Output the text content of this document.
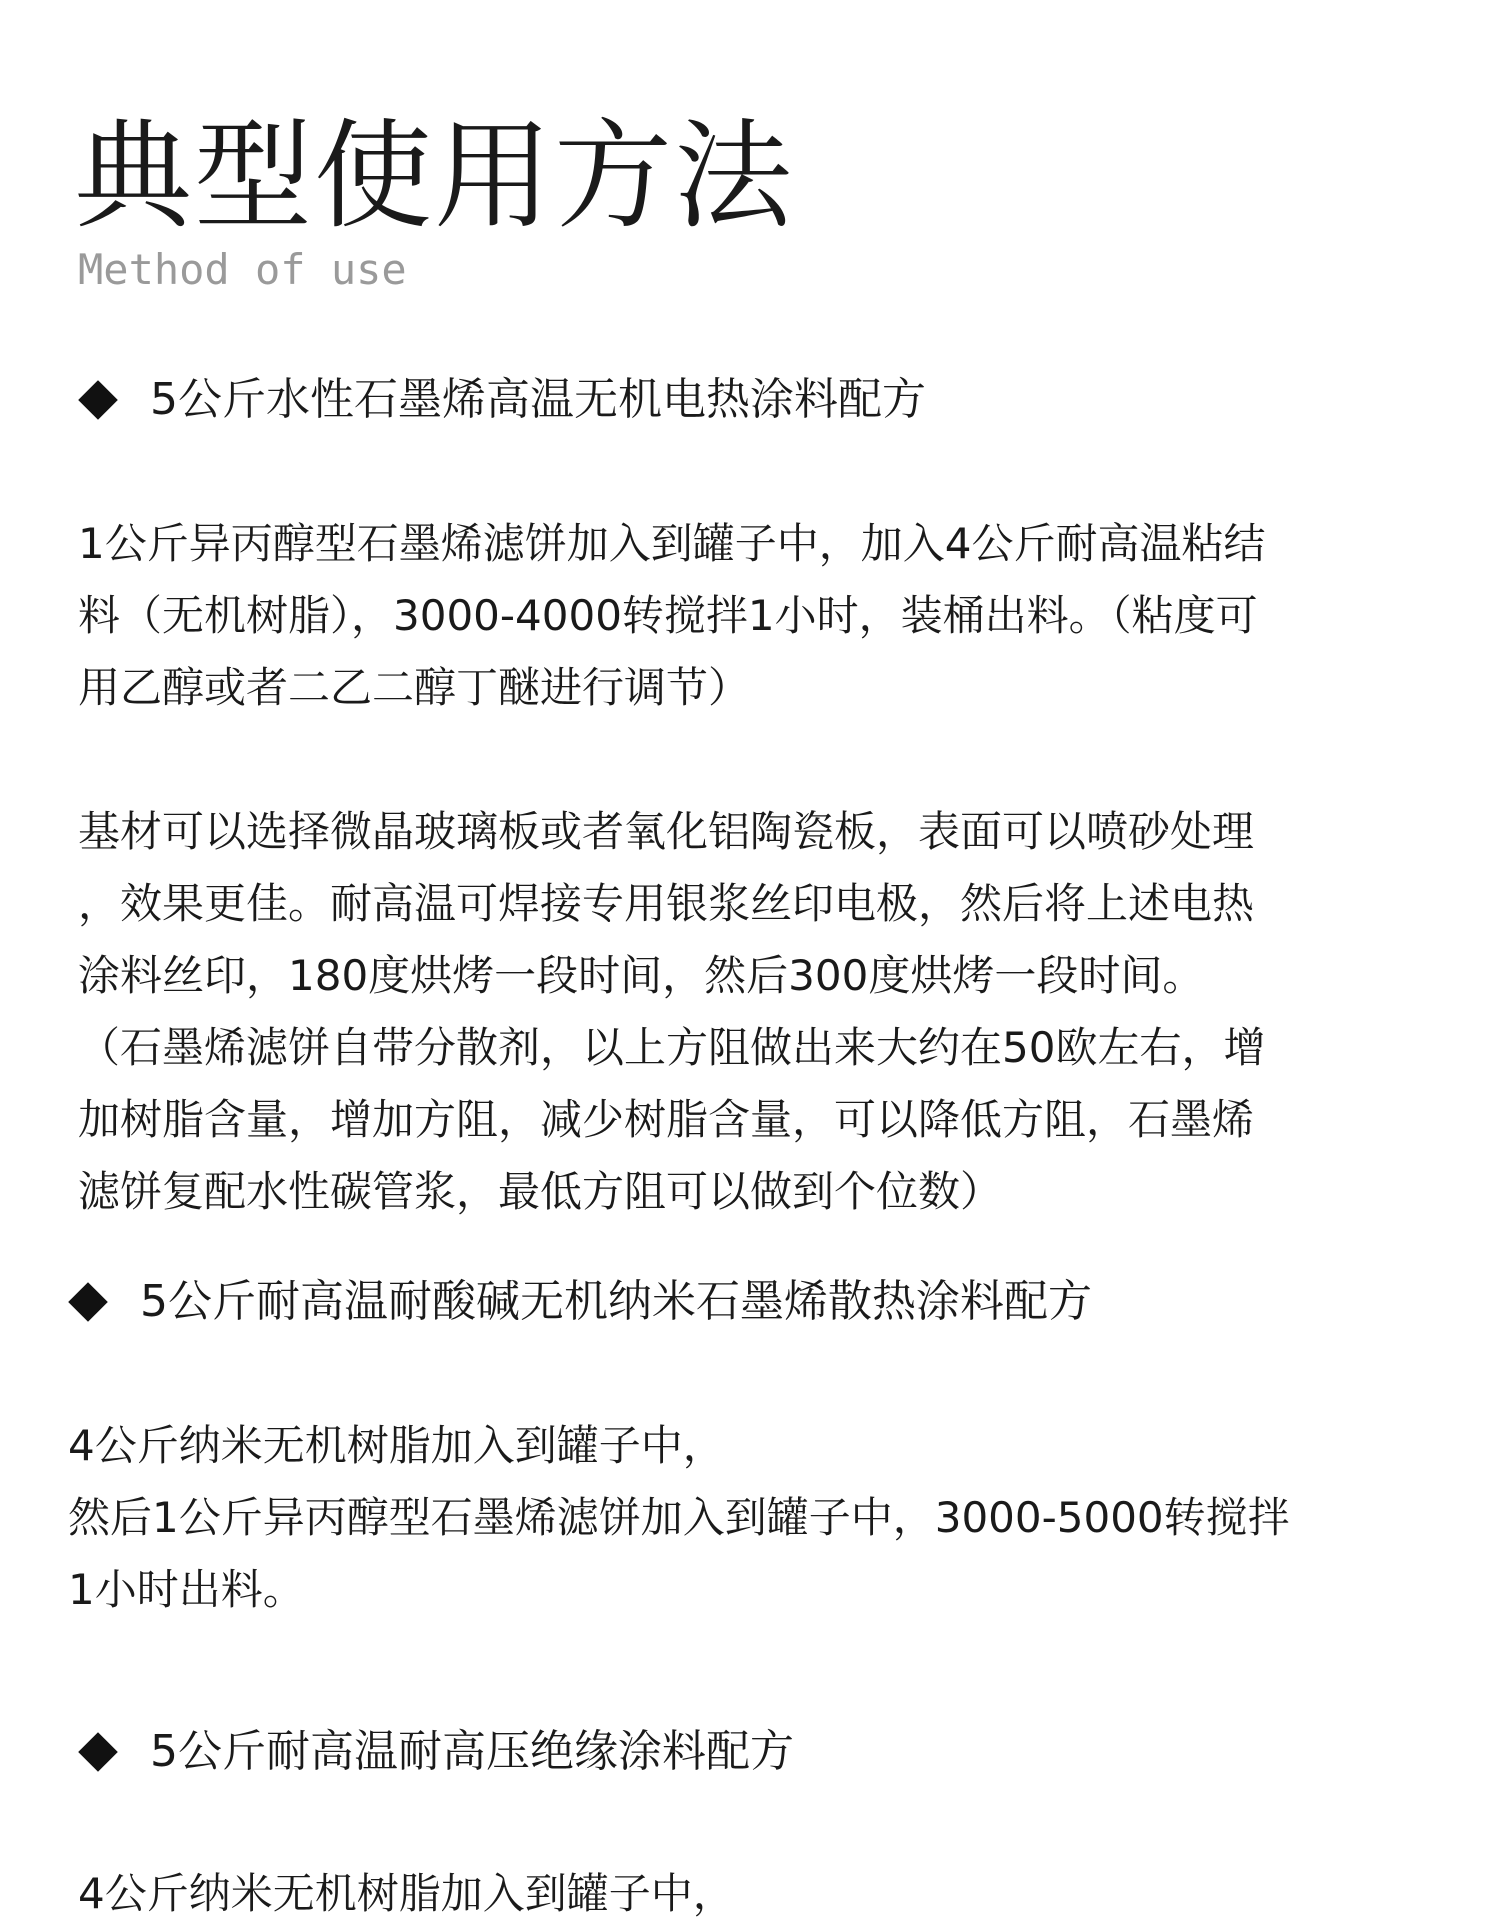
典型使用方法
Method of use
5公斤水性石墨烯高温无机电热涂料配方
1公斤异丙醇型石墨烯滤饼加入到罐子中，加入4公斤耐高温粘结
料（无机树脂），3000-4000转搅拌1小时，装桶出料。（粘度可
用乙醇或者二乙二醇丁醚进行调节）
基材可以选择微晶玻璃板或者氧化铝陶瓷板，表面可以喷砂处理
，效果更佳。耐高温可焊接专用银浆丝印电极，然后将上述电热
涂料丝印，180度烘烤一段时间，然后300度烘烤一段时间。
（石墨烯滤饼自带分散剂，以上方阻做出来大约在50欧左右，增
加树脂含量，增加方阻，减少树脂含量，可以降低方阻，石墨烯
滤饼复配水性碳管浆，最低方阻可以做到个位数）
5公斤耐高温耐酸碱无机纳米石墨烯散热涂料配方
4公斤纳米无机树脂加入到罐子中，
然后1公斤异丙醇型石墨烯滤饼加入到罐子中，3000-5000转搅拌
1小时出料。
5公斤耐高温耐高压绝缘涂料配方
4公斤纳米无机树脂加入到罐子中，
